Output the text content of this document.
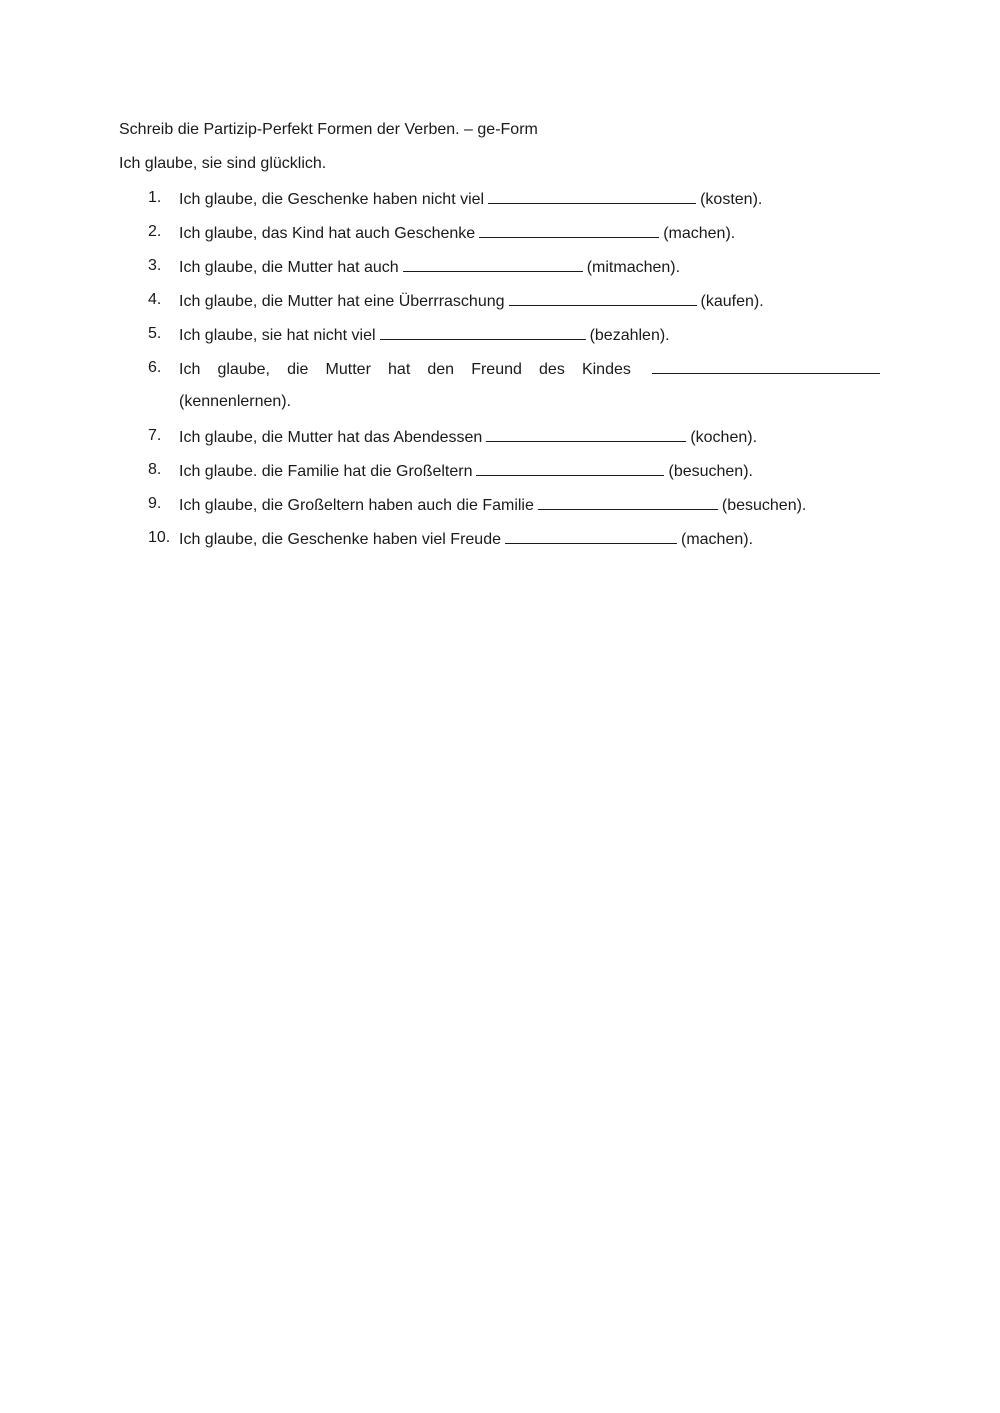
Schreib die Partizip-Perfekt Formen der Verben. – ge-Form
Ich glaube, sie sind glücklich.
1.	Ich glaube, die Geschenke haben nicht viel	(kosten).
2.	Ich glaube, das Kind hat auch Geschenke	(machen).
3.	Ich glaube, die Mutter hat auch	(mitmachen).
4.	Ich glaube, die Mutter hat eine Überrraschung	(kaufen).
5.	Ich glaube, sie hat nicht viel	(bezahlen).
6.	Ich glaube, die Mutter hat den Freund des Kindes
(kennenlernen).
7.	Ich glaube, die Mutter hat das Abendessen	(kochen).
8.	Ich glaube. die Familie hat die Großeltern	(besuchen).
9.	Ich glaube, die Großeltern haben auch die Familie	(besuchen).
10. Ich glaube, die Geschenke haben viel Freude	(machen).
